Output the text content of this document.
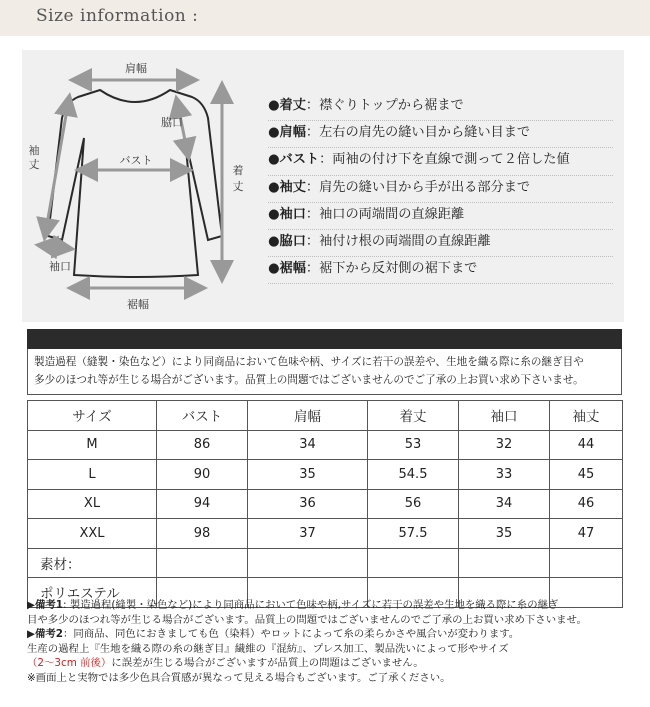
Size information :
肩幅
脇口
バスト
袖
丈	着
丈
袖口
裾幅
●着丈：襟ぐりトップから裾まで
●肩幅：左右の肩先の縫い目から縫い目まで
●バスト：両袖の付け下を直線で測って２倍した値
●袖丈：肩先の縫い目から手が出る部分まで
●袖口：袖口の両端間の直線距離
●脇口：袖付け根の両端間の直線距離
●裾幅：裾下から反対側の裾下まで
製造過程（縫製・染色など）により同商品において色味や柄、サイズに若干の誤差や、生地を織る際に糸の継ぎ目や
多少のほつれ等が生じる場合がございます。品質上の問題ではございませんのでご了承の上お買い求め下さいませ。
サイズ	バスト	肩幅	着丈	袖口	袖丈
M	86	34	53	32	44
L	90	35	54.5	33	45
XL	94	36	56	34	46
XXL	98	37	57.5	35	47
素材：					
ポリエステル					
▶備考1: 製造過程(縫製・染色など)により同商品において色味や柄,サイズに若干の誤差や生地を織る際に糸の継ぎ
目や多少のほつれ等が生じる場合がございます。品質上の問題ではございませんのでご了承の上お買い求め下さいませ。
▶備考2：同商品、同色におきましても色（染料）やロットによって糸の柔らかさや風合いが変わります。
生産の過程上『生地を織る際の糸の継ぎ目』繊維の『混紡』、プレス加工、製品洗いによって形やサイズ
（2～3cm 前後）に誤差が生じる場合がございますが品質上の問題はございません。
※画面上と実物では多少色具合質感が異なって見える場合もございます。ご了承ください。
